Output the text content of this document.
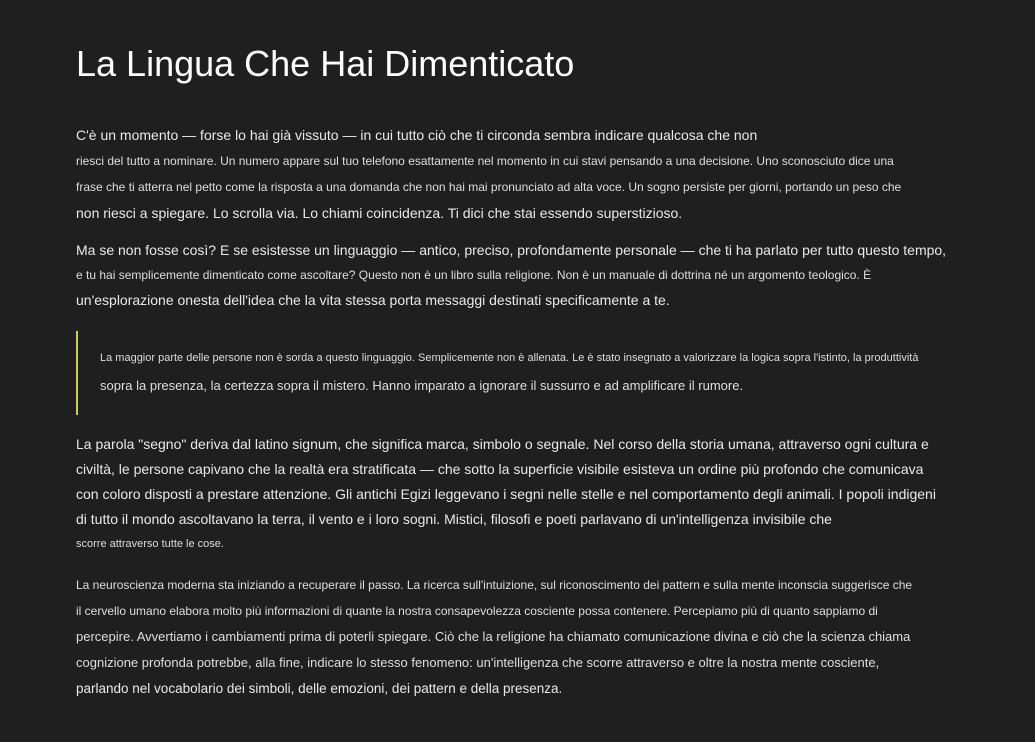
La Lingua Che Hai Dimenticato
C'è un momento — forse lo hai già vissuto — in cui tutto ciò che ti circonda sembra indicare qualcosa che non
riesci del tutto a nominare. Un numero appare sul tuo telefono esattamente nel momento in cui stavi pensando a una decisione. Uno sconosciuto dice una
frase che ti atterra nel petto come la risposta a una domanda che non hai mai pronunciato ad alta voce. Un sogno persiste per giorni, portando un peso che
non riesci a spiegare. Lo scrolla via. Lo chiami coincidenza. Ti dici che stai essendo superstizioso.
Ma se non fosse così? E se esistesse un linguaggio — antico, preciso, profondamente personale — che ti ha parlato per tutto questo tempo,
e tu hai semplicemente dimenticato come ascoltare? Questo non è un libro sulla religione. Non è un manuale di dottrina né un argomento teologico. È
un'esplorazione onesta dell'idea che la vita stessa porta messaggi destinati specificamente a te.
La maggior parte delle persone non è sorda a questo linguaggio. Semplicemente non è allenata. Le è stato insegnato a valorizzare la logica sopra l'istinto, la produttività
sopra la presenza, la certezza sopra il mistero. Hanno imparato a ignorare il sussurro e ad amplificare il rumore.
La parola "segno" deriva dal latino signum, che significa marca, simbolo o segnale. Nel corso della storia umana, attraverso ogni cultura e
civiltà, le persone capivano che la realtà era stratificata — che sotto la superficie visibile esisteva un ordine più profondo che comunicava
con coloro disposti a prestare attenzione. Gli antichi Egizi leggevano i segni nelle stelle e nel comportamento degli animali. I popoli indigeni
di tutto il mondo ascoltavano la terra, il vento e i loro sogni. Mistici, filosofi e poeti parlavano di un'intelligenza invisibile che
scorre attraverso tutte le cose.
La neuroscienza moderna sta iniziando a recuperare il passo. La ricerca sull'intuizione, sul riconoscimento dei pattern e sulla mente inconscia suggerisce che
il cervello umano elabora molto più informazioni di quante la nostra consapevolezza cosciente possa contenere. Percepiamo più di quanto sappiamo di
percepire. Avvertiamo i cambiamenti prima di poterli spiegare. Ciò che la religione ha chiamato comunicazione divina e ciò che la scienza chiama
cognizione profonda potrebbe, alla fine, indicare lo stesso fenomeno: un'intelligenza che scorre attraverso e oltre la nostra mente cosciente,
parlando nel vocabolario dei simboli, delle emozioni, dei pattern e della presenza.
